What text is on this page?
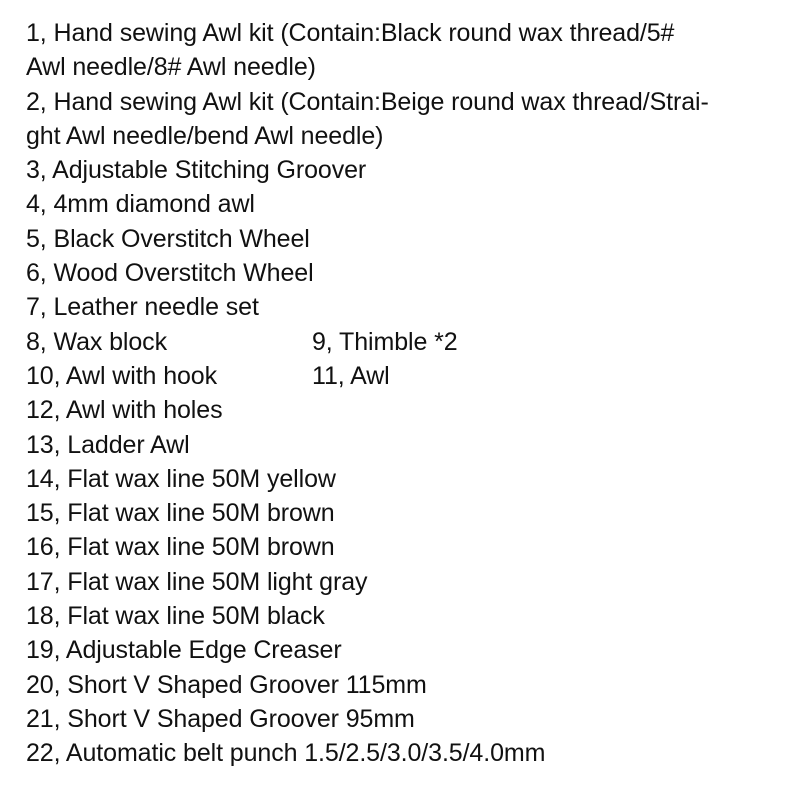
1, Hand sewing Awl kit (Contain:Black round wax thread/5#
Awl needle/8# Awl needle)
2, Hand sewing Awl kit (Contain:Beige round wax thread/Strai-
ght Awl needle/bend Awl needle)
3, Adjustable Stitching Groover
4, 4mm diamond awl
5, Black Overstitch Wheel
6, Wood Overstitch Wheel
7, Leather needle set
8, Wax block	9, Thimble *2
10, Awl with hook	11, Awl
12, Awl with holes
13, Ladder Awl
14, Flat wax line 50M yellow
15, Flat wax line 50M brown
16, Flat wax line 50M brown
17, Flat wax line 50M light gray
18, Flat wax line 50M black
19, Adjustable Edge Creaser
20, Short V Shaped Groover 115mm
21, Short V Shaped Groover 95mm
22, Automatic belt punch 1.5/2.5/3.0/3.5/4.0mm
